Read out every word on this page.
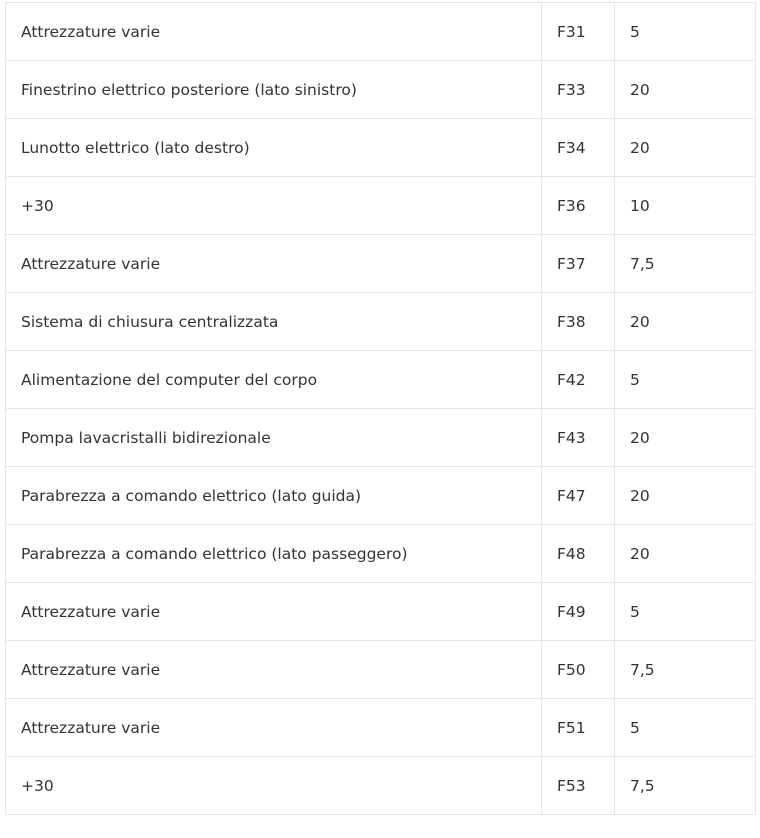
Attrezzature varie	F31	5
Finestrino elettrico posteriore (lato sinistro)	F33	20
Lunotto elettrico (lato destro)	F34	20
+30	F36	10
Attrezzature varie	F37	7,5
Sistema di chiusura centralizzata	F38	20
Alimentazione del computer del corpo	F42	5
Pompa lavacristalli bidirezionale	F43	20
Parabrezza a comando elettrico (lato guida)	F47	20
Parabrezza a comando elettrico (lato passeggero)	F48	20
Attrezzature varie	F49	5
Attrezzature varie	F50	7,5
Attrezzature varie	F51	5
+30	F53	7,5
